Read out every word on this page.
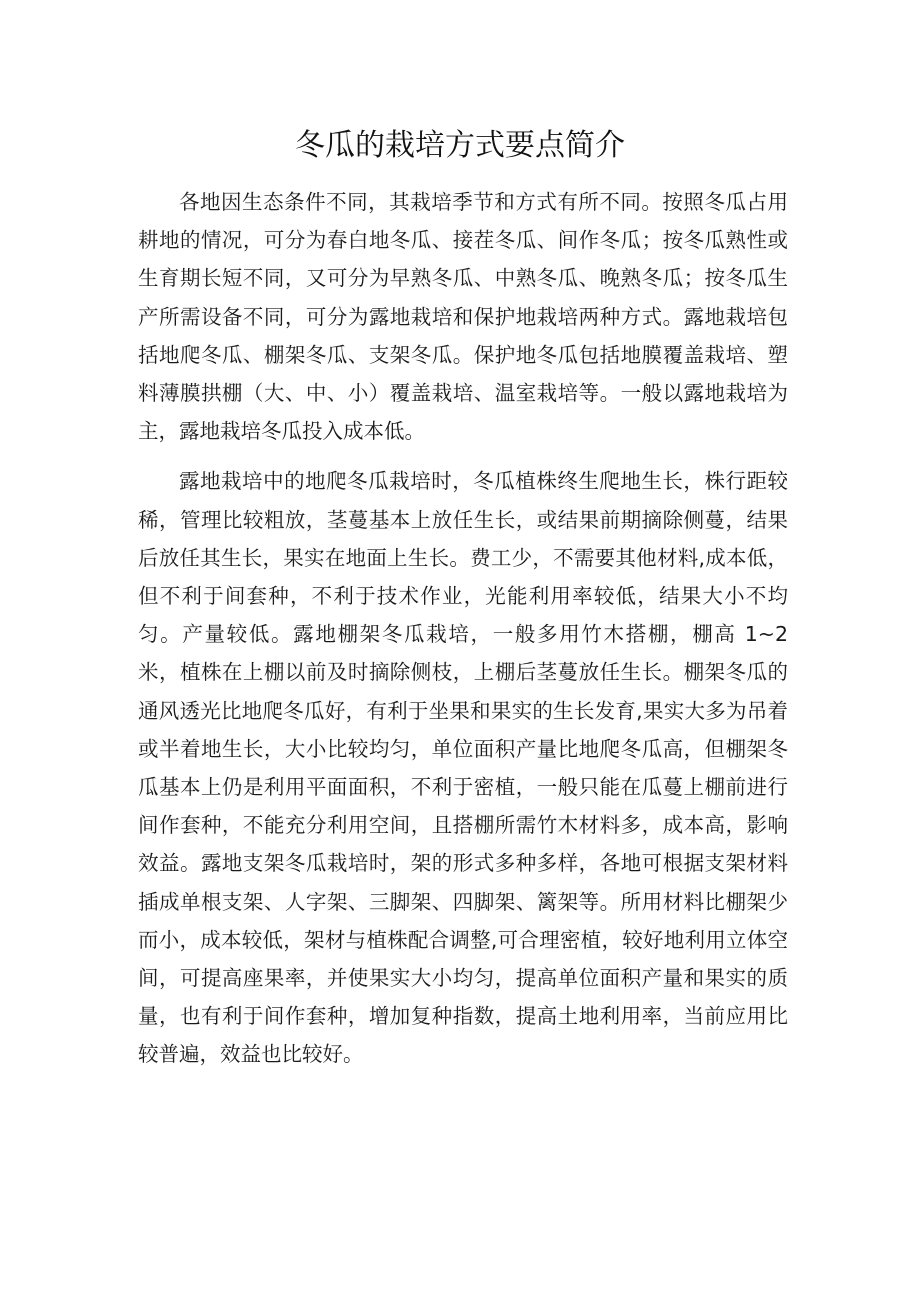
冬瓜的栽培方式要点简介

各地因生态条件不同，其栽培季节和方式有所不同。按照冬瓜占用耕地的情况，可分为春白地冬瓜、接茬冬瓜、间作冬瓜；按冬瓜熟性或生育期长短不同，又可分为早熟冬瓜、中熟冬瓜、晚熟冬瓜；按冬瓜生产所需设备不同，可分为露地栽培和保护地栽培两种方式。露地栽培包括地爬冬瓜、棚架冬瓜、支架冬瓜。保护地冬瓜包括地膜覆盖栽培、塑料薄膜拱棚（大、中、小）覆盖栽培、温室栽培等。一般以露地栽培为主，露地栽培冬瓜投入成本低。

露地栽培中的地爬冬瓜栽培时，冬瓜植株终生爬地生长，株行距较稀，管理比较粗放，茎蔓基本上放任生长，或结果前期摘除侧蔓，结果后放任其生长，果实在地面上生长。费工少，不需要其他材料,成本低，但不利于间套种，不利于技术作业，光能利用率较低，结果大小不均匀。产量较低。露地棚架冬瓜栽培，一般多用竹木搭棚，棚高 1~2 米，植株在上棚以前及时摘除侧枝，上棚后茎蔓放任生长。棚架冬瓜的通风透光比地爬冬瓜好，有利于坐果和果实的生长发育,果实大多为吊着或半着地生长，大小比较均匀，单位面积产量比地爬冬瓜高，但棚架冬瓜基本上仍是利用平面面积，不利于密植，一般只能在瓜蔓上棚前进行间作套种，不能充分利用空间，且搭棚所需竹木材料多，成本高，影响效益。露地支架冬瓜栽培时，架的形式多种多样，各地可根据支架材料插成单根支架、人字架、三脚架、四脚架、篱架等。所用材料比棚架少而小，成本较低，架材与植株配合调整,可合理密植，较好地利用立体空间，可提高座果率，并使果实大小均匀，提高单位面积产量和果实的质量，也有利于间作套种，增加复种指数，提高土地利用率，当前应用比较普遍，效益也比较好。
